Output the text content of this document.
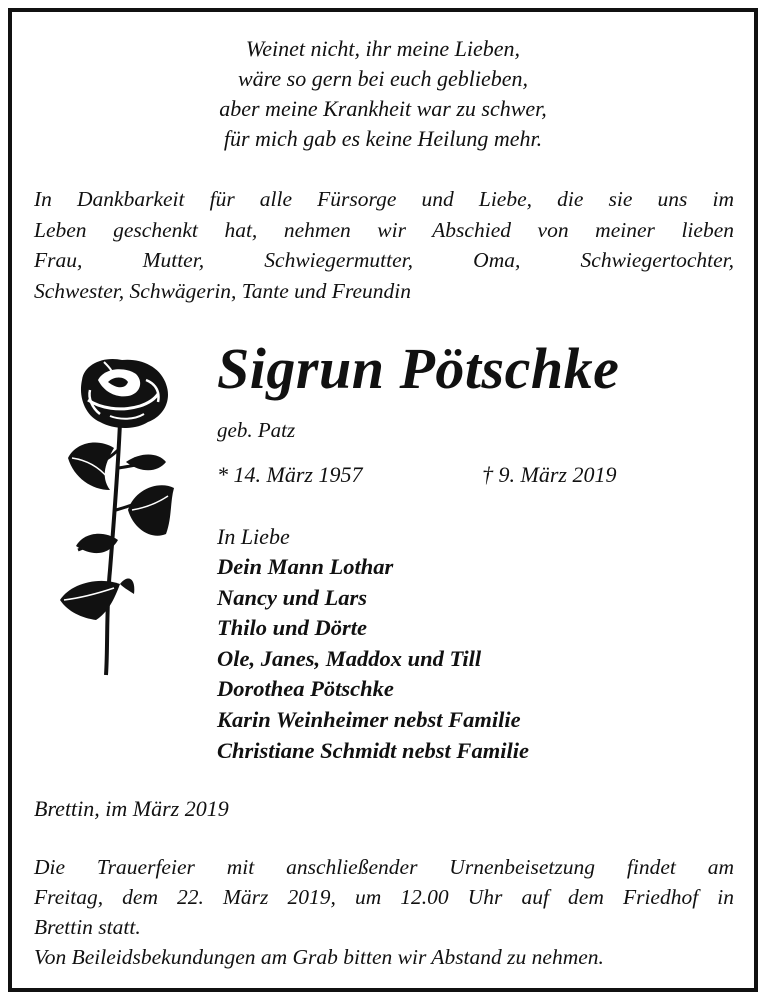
Weinet nicht, ihr meine Lieben,
wäre so gern bei euch geblieben,
aber meine Krankheit war zu schwer,
für mich gab es keine Heilung mehr.
In Dankbarkeit für alle Fürsorge und Liebe, die sie uns im
Leben geschenkt hat, nehmen wir Abschied von meiner lieben
Frau, Mutter, Schwiegermutter, Oma, Schwiegertochter,
Schwester, Schwägerin, Tante und Freundin
Sigrun Pötschke
geb. Patz
* 14. März 1957	† 9. März 2019
In Liebe
Dein Mann Lothar
Nancy und Lars
Thilo und Dörte
Ole, Janes, Maddox und Till
Dorothea Pötschke
Karin Weinheimer nebst Familie
Christiane Schmidt nebst Familie
Brettin, im März 2019
Die Trauerfeier mit anschließender Urnenbeisetzung findet am
Freitag, dem 22. März 2019, um 12.00 Uhr auf dem Friedhof in
Brettin statt.
Von Beileidsbekundungen am Grab bitten wir Abstand zu nehmen.
